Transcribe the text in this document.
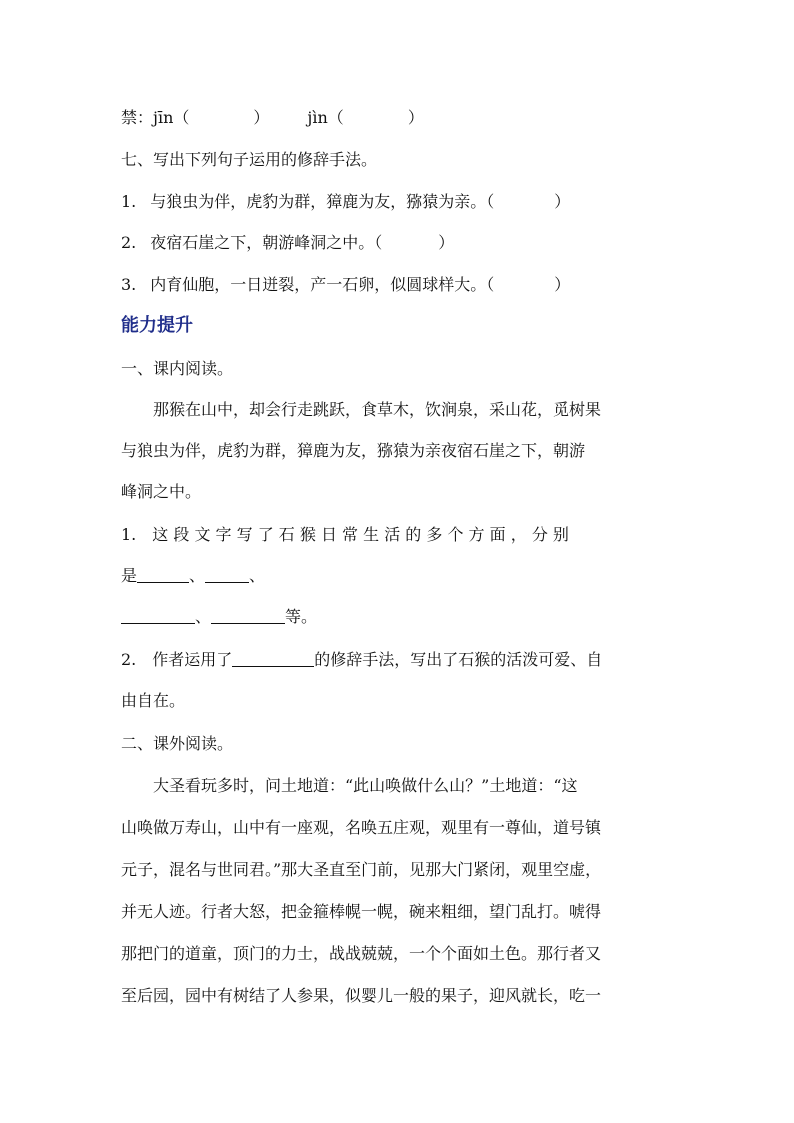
禁：jīn（	） jìn（	）
七、写出下列句子运用的修辞手法。
1. 与狼虫为伴，虎豹为群，獐鹿为友，猕猿为亲。（	）
2. 夜宿石崖之下，朝游峰洞之中。（	）
3. 内育仙胞，一日迸裂，产一石卵，似圆球样大。（	）
能力提升
一、课内阅读。
那猴在山中，却会行走跳跃，食草木，饮涧泉，采山花，觅树果
与狼虫为伴，虎豹为群，獐鹿为友，猕猿为亲夜宿石崖之下，朝游
峰洞之中。
1. 这 段 文 字 写 了 石 猴 日 常 生 活 的 多 个 方 面 ， 分 别
是	、	、
、	等。
2. 作者运用了	的修辞手法，写出了石猴的活泼可爱、自
由自在。
二、课外阅读。
大圣看玩多时，问土地道：“此山唤做什么山？”土地道：“这
山唤做万寿山，山中有一座观，名唤五庄观，观里有一尊仙，道号镇
元子，混名与世同君。”那大圣直至门前，见那大门紧闭，观里空虚，
并无人迹。行者大怒，把金箍棒幌一幌，碗来粗细，望门乱打。唬得
那把门的道童，顶门的力士，战战兢兢，一个个面如土色。那行者又
至后园，园中有树结了人参果，似婴儿一般的果子，迎风就长，吃一
